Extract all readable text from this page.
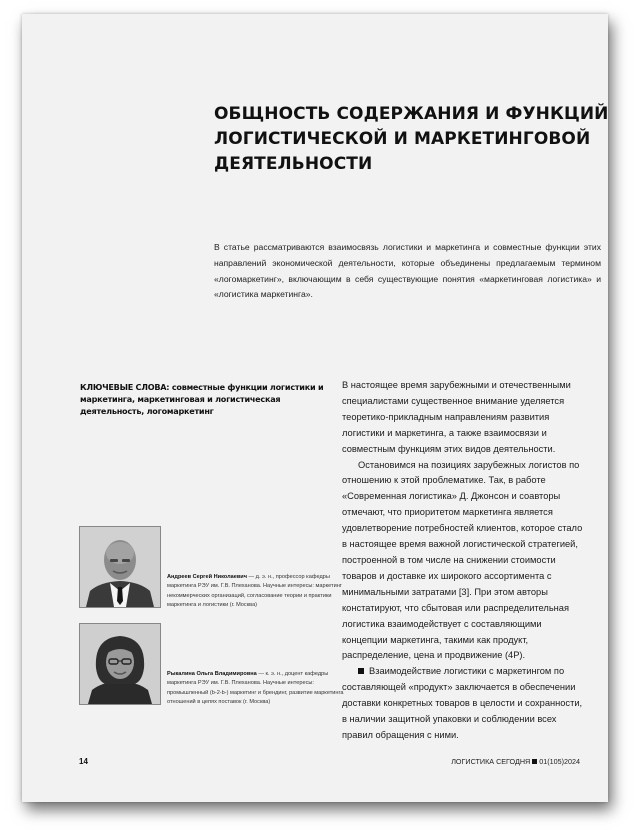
ОБЩНОСТЬ СОДЕРЖАНИЯ И ФУНКЦИЙ
ЛОГИСТИЧЕСКОЙ И МАРКЕТИНГОВОЙ
ДЕЯТЕЛЬНОСТИ

В статье рассматриваются взаимосвязь логистики и маркетинга и совместные функции этих направлений экономической деятельности, которые объединены предлагаемым термином «логомаркетинг», включающим в себя существующие понятия «маркетинговая логистика» и «логистика маркетинга».

КЛЮЧЕВЫЕ СЛОВА: совместные функции логистики и маркетинга, маркетинговая и логистическая деятельность, логомаркетинг

Андреев Сергей Николаевич — д. э. н., профессор кафедры маркетинга РЭУ им. Г.В. Плеханова. Научные интересы: маркетинг некоммерческих организаций, согласование теории и практики маркетинга и логистики (г. Москва)

Рыкалина Ольга Владимировна — к. э. н., доцент кафедры маркетинга РЭУ им. Г.В. Плеханова. Научные интересы: промышленный (b-2-b-) маркетинг и брендинг, развитие маркетинга отношений в цепях поставок (г. Москва)

В настоящее время зарубежными и отечественными специалистами существенное внимание уделяется теоретико-прикладным направлениям развития логистики и маркетинга, а также взаимосвязи и совместным функциям этих видов деятельности.

Остановимся на позициях зарубежных логистов по отношению к этой проблематике. Так, в работе «Современная логистика» Д. Джонсон и соавторы отмечают, что приоритетом маркетинга является удовлетворение потребностей клиентов, которое стало в настоящее время важной логистической стратегией, построенной в том числе на снижении стоимости товаров и доставке их широкого ассортимента с минимальными затратами [3]. При этом авторы констатируют, что сбытовая или распределительная логистика взаимодействует с составляющими концепции маркетинга, такими как продукт, распределение, цена и продвижение (4P).

Взаимодействие логистики с маркетингом по составляющей «продукт» заключается в обеспечении доставки конкретных товаров в целости и сохранности, в наличии защитной упаковки и соблюдении всех правил обращения с ними.

14	ЛОГИСТИКА СЕГОДНЯ 01(105)2024
